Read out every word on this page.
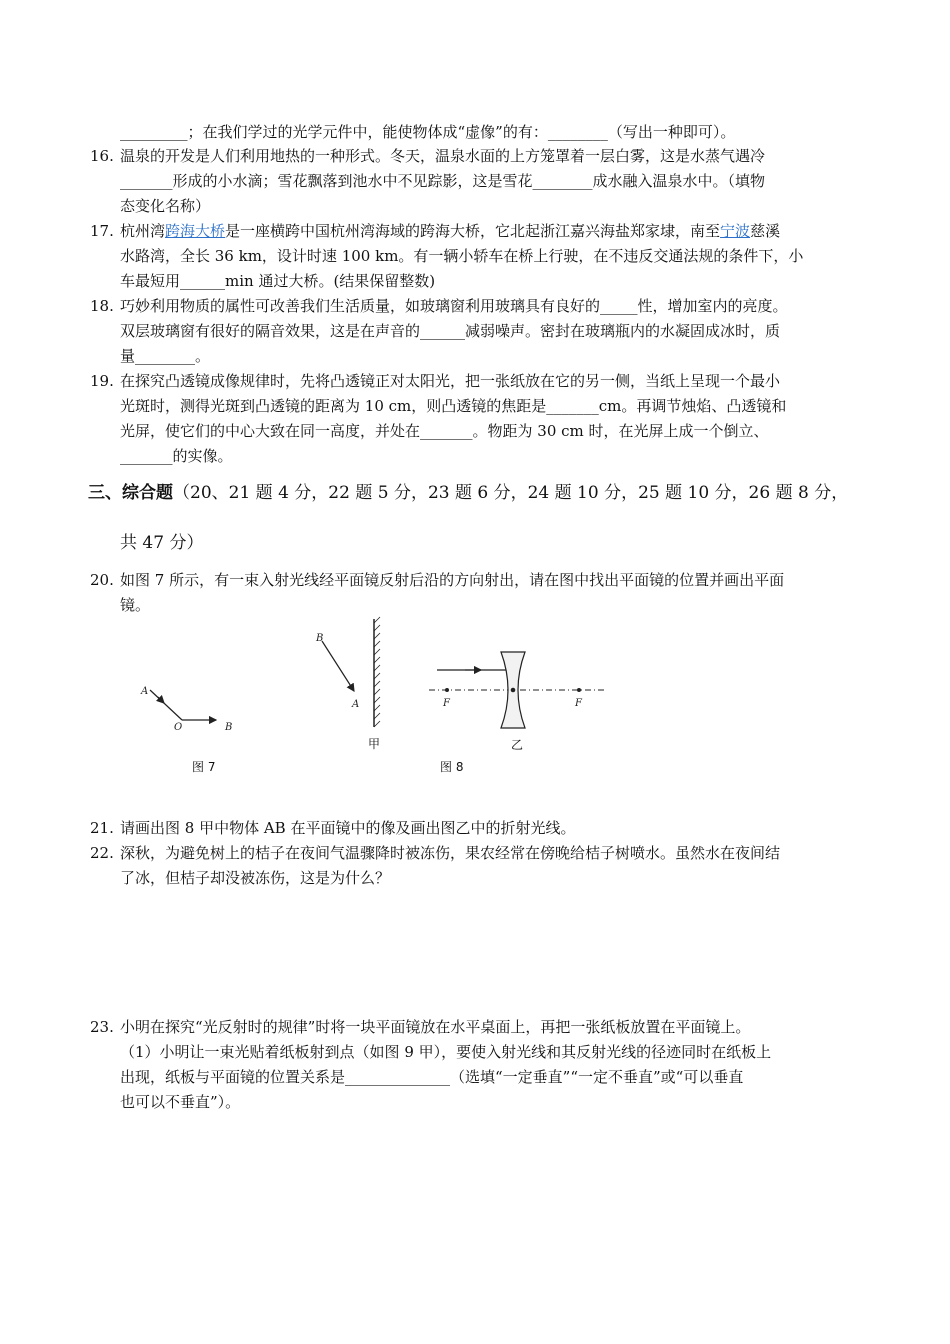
_________；在我们学过的光学元件中，能使物体成“虚像”的有：________（写出一种即可）。
16. 温泉的开发是人们利用地热的一种形式。冬天，温泉水面的上方笼罩着一层白雾，这是水蒸气遇冷
_______形成的小水滴；雪花飘落到池水中不见踪影，这是雪花________成水融入温泉水中。（填物
态变化名称）
17. 杭州湾跨海大桥是一座横跨中国杭州湾海域的跨海大桥，它北起浙江嘉兴海盐郑家埭，南至宁波慈溪
水路湾，全长 36 km，设计时速 100 km。有一辆小轿车在桥上行驶，在不违反交通法规的条件下，小
车最短用______min 通过大桥。(结果保留整数)
18. 巧妙利用物质的属性可改善我们生活质量，如玻璃窗利用玻璃具有良好的_____性，增加室内的亮度。
双层玻璃窗有很好的隔音效果，这是在声音的______减弱噪声。密封在玻璃瓶内的水凝固成冰时，质
量________。
19. 在探究凸透镜成像规律时，先将凸透镜正对太阳光，把一张纸放在它的另一侧，当纸上呈现一个最小
光斑时，测得光斑到凸透镜的距离为 10 cm，则凸透镜的焦距是_______cm。再调节烛焰、凸透镜和
光屏，使它们的中心大致在同一高度，并处在_______。物距为 30 cm 时，在光屏上成一个倒立、
_______的实像。
三、综合题（20、21 题 4 分，22 题 5 分，23 题 6 分，24 题 10 分，25 题 10 分，26 题 8 分，
共 47 分）
20. 如图 7 所示，有一束入射光线经平面镜反射后沿的方向射出，请在图中找出平面镜的位置并画出平面
镜。
A
O	B
图 7
B
A
甲
F	F
乙
图 8
21. 请画出图 8 甲中物体 AB 在平面镜中的像及画出图乙中的折射光线。
22. 深秋，为避免树上的桔子在夜间气温骤降时被冻伤，果农经常在傍晚给桔子树喷水。虽然水在夜间结
了冰，但桔子却没被冻伤，这是为什么？
23. 小明在探究“光反射时的规律”时将一块平面镜放在水平桌面上，再把一张纸板放置在平面镜上。
（1）小明让一束光贴着纸板射到点（如图 9 甲），要使入射光线和其反射光线的径迹同时在纸板上
出现，纸板与平面镜的位置关系是______________（选填“一定垂直”“一定不垂直”或“可以垂直
也可以不垂直”）。
